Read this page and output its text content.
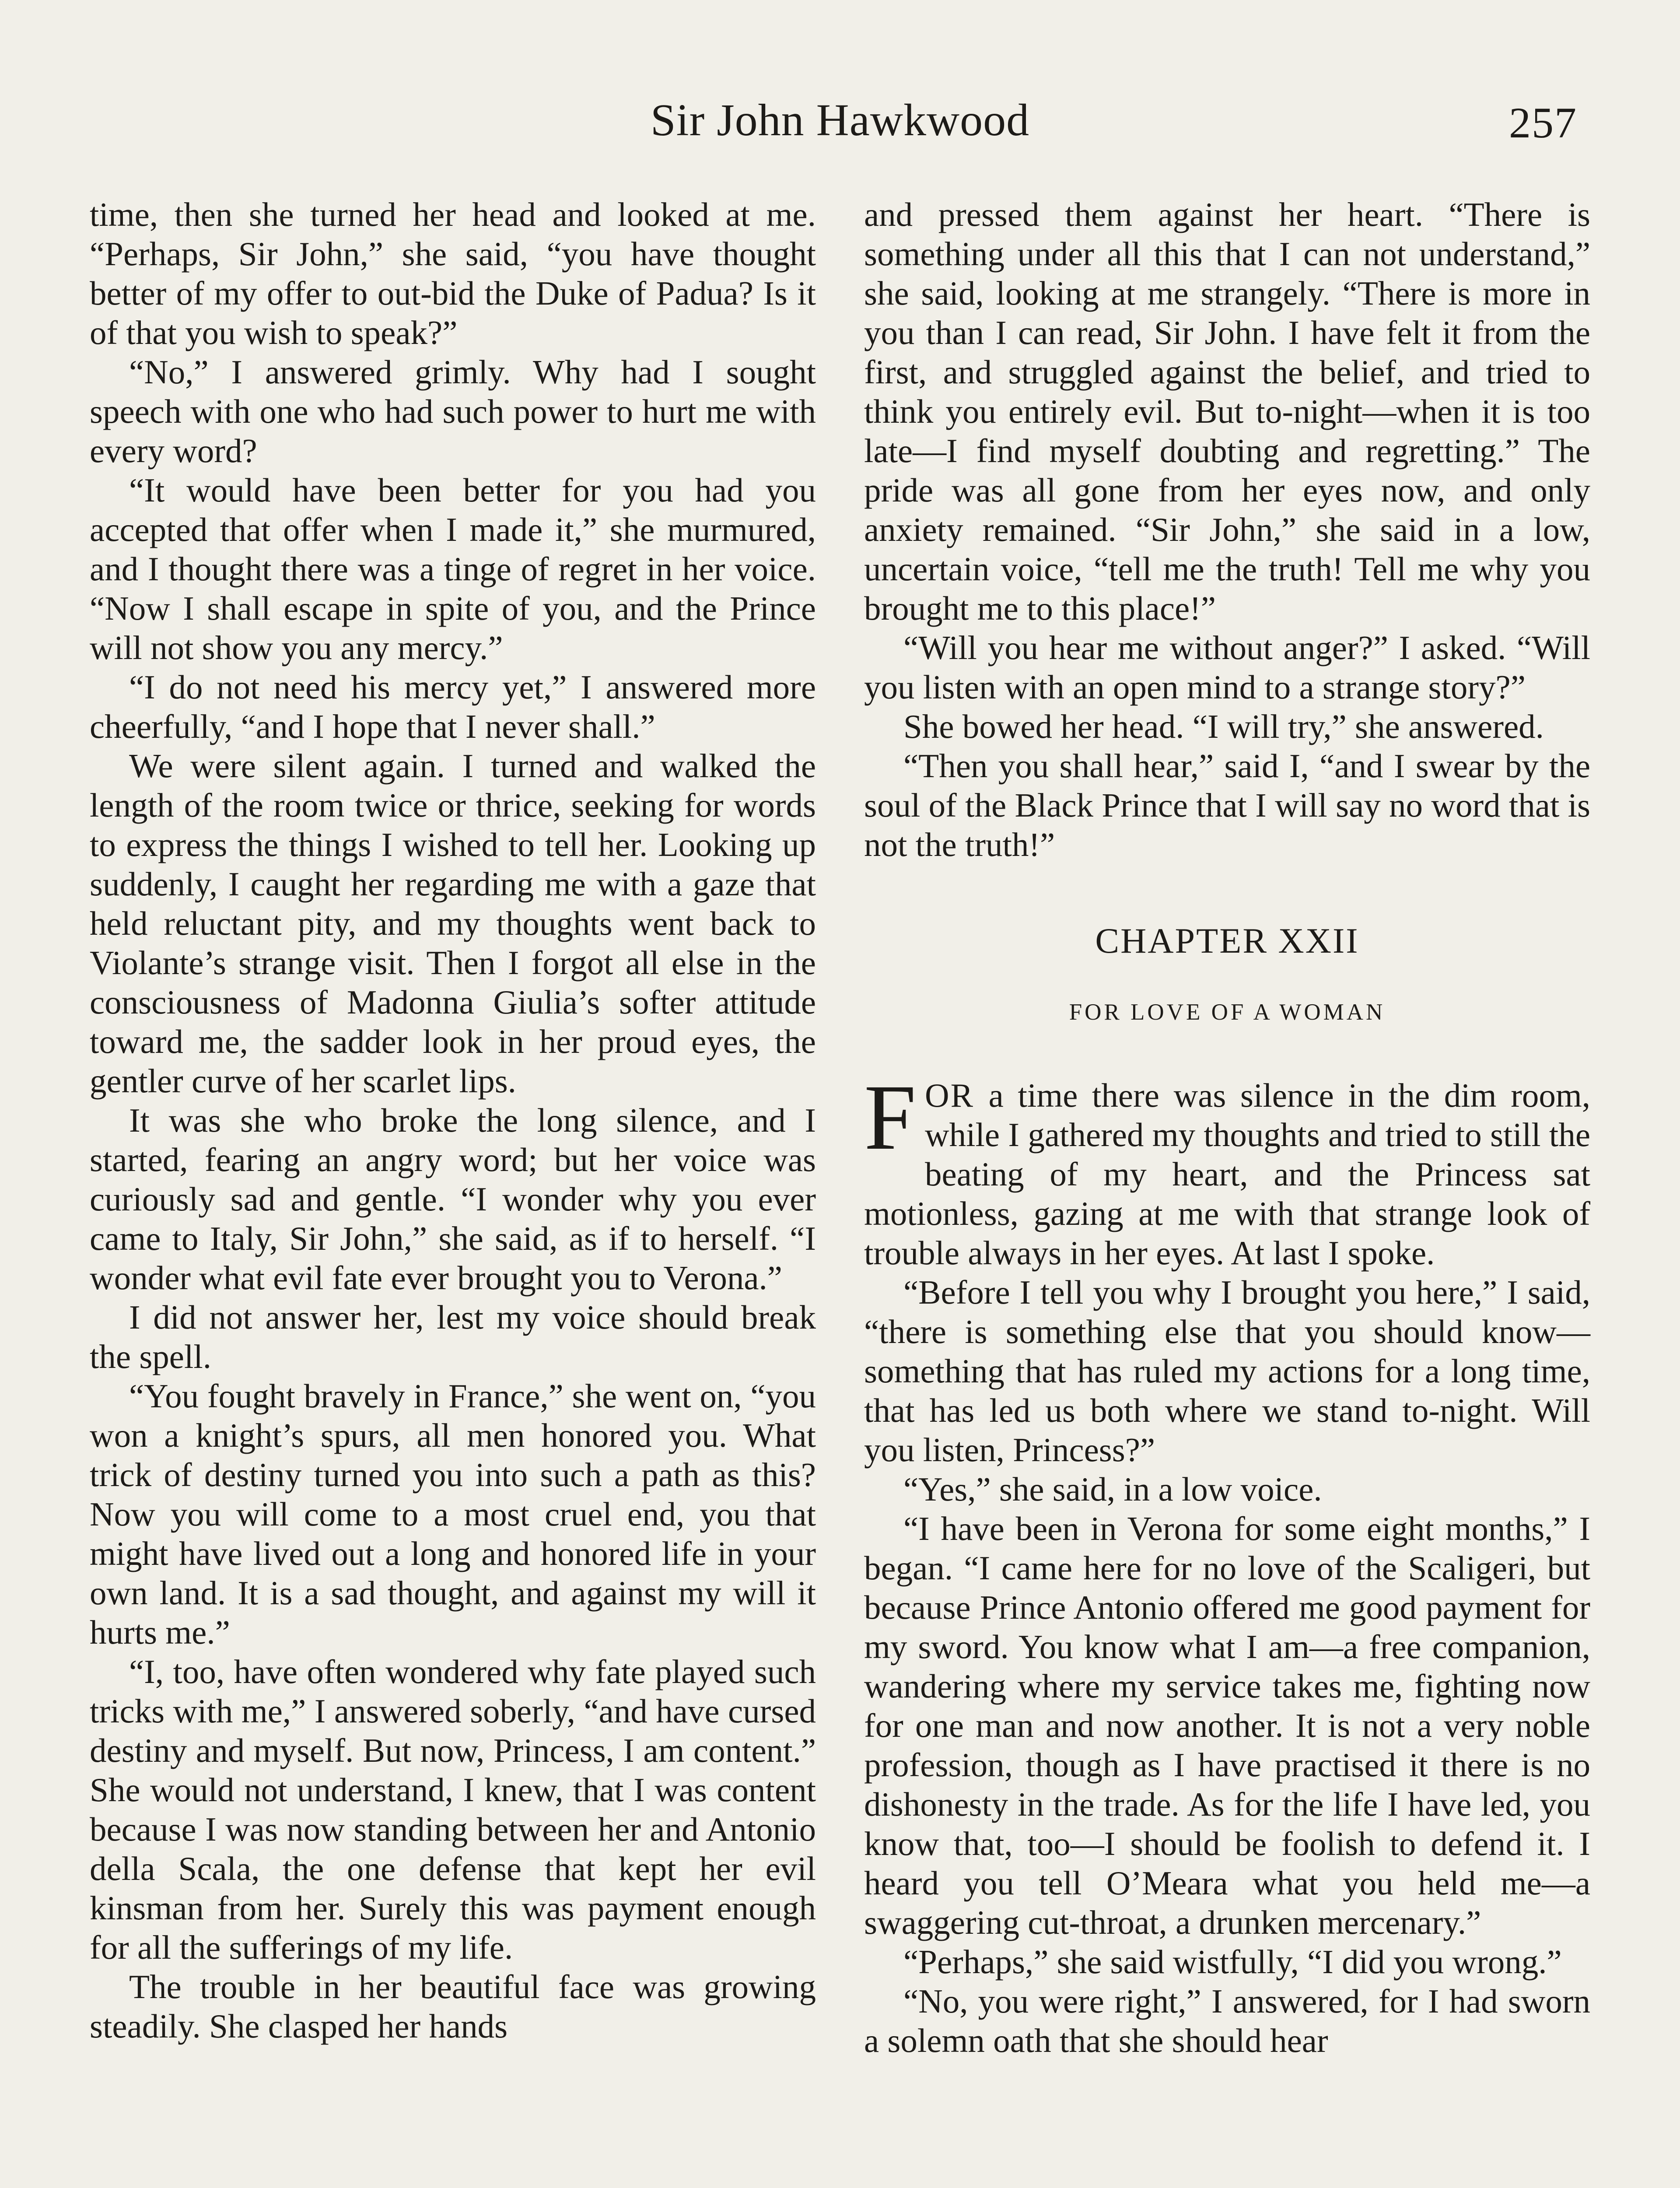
Sir John Hawkwood	257

time, then she turned her head and looked at me. “Perhaps, Sir John,” she said, “you have thought better of my offer to out-bid the Duke of Padua? Is it of that you wish to speak?”

“No,” I answered grimly. Why had I sought speech with one who had such power to hurt me with every word?

“It would have been better for you had you accepted that offer when I made it,” she murmured, and I thought there was a tinge of regret in her voice. “Now I shall escape in spite of you, and the Prince will not show you any mercy.”

“I do not need his mercy yet,” I answered more cheerfully, “and I hope that I never shall.”

We were silent again. I turned and walked the length of the room twice or thrice, seeking for words to express the things I wished to tell her. Looking up suddenly, I caught her regarding me with a gaze that held reluctant pity, and my thoughts went back to Violante’s strange visit. Then I forgot all else in the consciousness of Madonna Giulia’s softer attitude toward me, the sadder look in her proud eyes, the gentler curve of her scarlet lips.

It was she who broke the long silence, and I started, fearing an angry word; but her voice was curiously sad and gentle. “I wonder why you ever came to Italy, Sir John,” she said, as if to herself. “I wonder what evil fate ever brought you to Verona.”

I did not answer her, lest my voice should break the spell.

“You fought bravely in France,” she went on, “you won a knight’s spurs, all men honored you. What trick of destiny turned you into such a path as this? Now you will come to a most cruel end, you that might have lived out a long and honored life in your own land. It is a sad thought, and against my will it hurts me.”

“I, too, have often wondered why fate played such tricks with me,” I answered soberly, “and have cursed destiny and myself. But now, Princess, I am content.” She would not understand, I knew, that I was content because I was now standing between her and Antonio della Scala, the one defense that kept her evil kinsman from her. Surely this was payment enough for all the sufferings of my life.

The trouble in her beautiful face was growing steadily. She clasped her hands

and pressed them against her heart. “There is something under all this that I can not understand,” she said, looking at me strangely. “There is more in you than I can read, Sir John. I have felt it from the first, and struggled against the belief, and tried to think you entirely evil. But to-night—when it is too late—I find myself doubting and regretting.” The pride was all gone from her eyes now, and only anxiety remained. “Sir John,” she said in a low, uncertain voice, “tell me the truth! Tell me why you brought me to this place!”

“Will you hear me without anger?” I asked. “Will you listen with an open mind to a strange story?”

She bowed her head. “I will try,” she answered.

“Then you shall hear,” said I, “and I swear by the soul of the Black Prince that I will say no word that is not the truth!”

CHAPTER XXII
FOR LOVE OF A WOMAN

FOR a time there was silence in the dim room, while I gathered my thoughts and tried to still the beating of my heart, and the Princess sat motionless, gazing at me with that strange look of trouble always in her eyes. At last I spoke.

“Before I tell you why I brought you here,” I said, “there is something else that you should know—something that has ruled my actions for a long time, that has led us both where we stand to-night. Will you listen, Princess?”

“Yes,” she said, in a low voice.

“I have been in Verona for some eight months,” I began. “I came here for no love of the Scaligeri, but because Prince Antonio offered me good payment for my sword. You know what I am—a free companion, wandering where my service takes me, fighting now for one man and now another. It is not a very noble profession, though as I have practised it there is no dishonesty in the trade. As for the life I have led, you know that, too—I should be foolish to defend it. I heard you tell O’Meara what you held me—a swaggering cut-throat, a drunken mercenary.”

“Perhaps,” she said wistfully, “I did you wrong.”

“No, you were right,” I answered, for I had sworn a solemn oath that she should hear
